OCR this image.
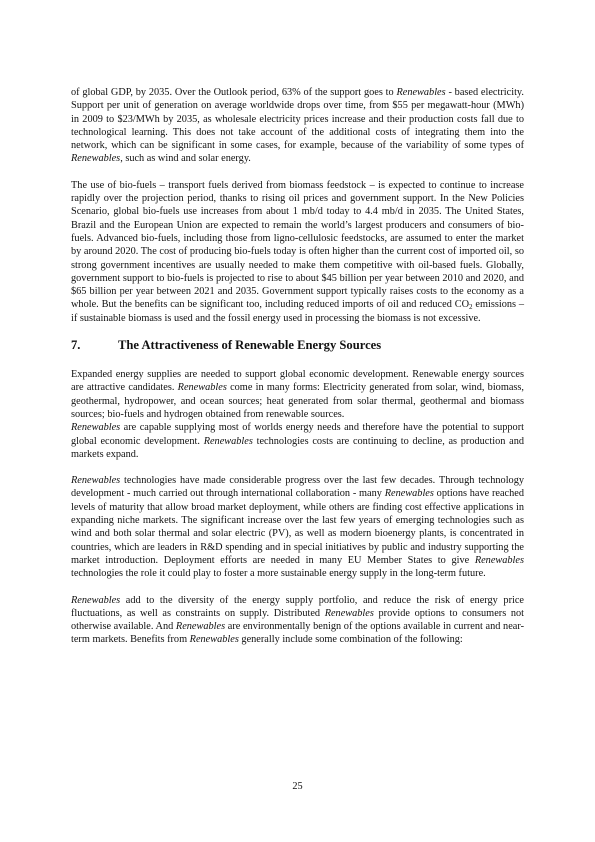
of global GDP, by 2035. Over the Outlook period, 63% of the support goes to Renewables - based electricity. Support per unit of generation on average worldwide drops over time, from $55 per megawatt-hour (MWh) in 2009 to $23/MWh by 2035, as wholesale electricity prices increase and their production costs fall due to technological learning. This does not take account of the additional costs of integrating them into the network, which can be significant in some cases, for example, because of the variability of some types of Renewables, such as wind and solar energy.

The use of bio-fuels – transport fuels derived from biomass feedstock – is expected to continue to increase rapidly over the projection period, thanks to rising oil prices and government support. In the New Policies Scenario, global bio-fuels use increases from about 1 mb/d today to 4.4 mb/d in 2035. The United States, Brazil and the European Union are expected to remain the world’s largest producers and consumers of bio-fuels. Advanced bio-fuels, including those from ligno-cellulosic feedstocks, are assumed to enter the market by around 2020. The cost of producing bio-fuels today is often higher than the current cost of imported oil, so strong government incentives are usually needed to make them competitive with oil-based fuels. Globally, government support to bio-fuels is projected to rise to about $45 billion per year between 2010 and 2020, and $65 billion per year between 2021 and 2035. Government support typically raises costs to the economy as a whole. But the benefits can be significant too, including reduced imports of oil and reduced $CO_2$ emissions – if sustainable biomass is used and the fossil energy used in processing the biomass is not excessive.

7.	The Attractiveness of Renewable Energy Sources

Expanded energy supplies are needed to support global economic development. Renewable energy sources are attractive candidates. Renewables come in many forms: Electricity generated from solar, wind, biomass, geothermal, hydropower, and ocean sources; heat generated from solar thermal, geothermal and biomass sources; bio-fuels and hydrogen obtained from renewable sources.

Renewables are capable supplying most of worlds energy needs and therefore have the potential to support global economic development. Renewables technologies costs are continuing to decline, as production and markets expand.

Renewables technologies have made considerable progress over the last few decades. Through technology development - much carried out through international collaboration - many Renewables options have reached levels of maturity that allow broad market deployment, while others are finding cost effective applications in expanding niche markets. The significant increase over the last few years of emerging technologies such as wind and both solar thermal and solar electric (PV), as well as modern bioenergy plants, is concentrated in countries, which are leaders in R&D spending and in special initiatives by public and industry supporting the market introduction. Deployment efforts are needed in many EU Member States to give Renewables technologies the role it could play to foster a more sustainable energy supply in the long-term future.

Renewables add to the diversity of the energy supply portfolio, and reduce the risk of energy price fluctuations, as well as constraints on supply. Distributed Renewables provide options to consumers not otherwise available. And Renewables are environmentally benign of the options available in current and near-term markets. Benefits from Renewables generally include some combination of the following:

25
